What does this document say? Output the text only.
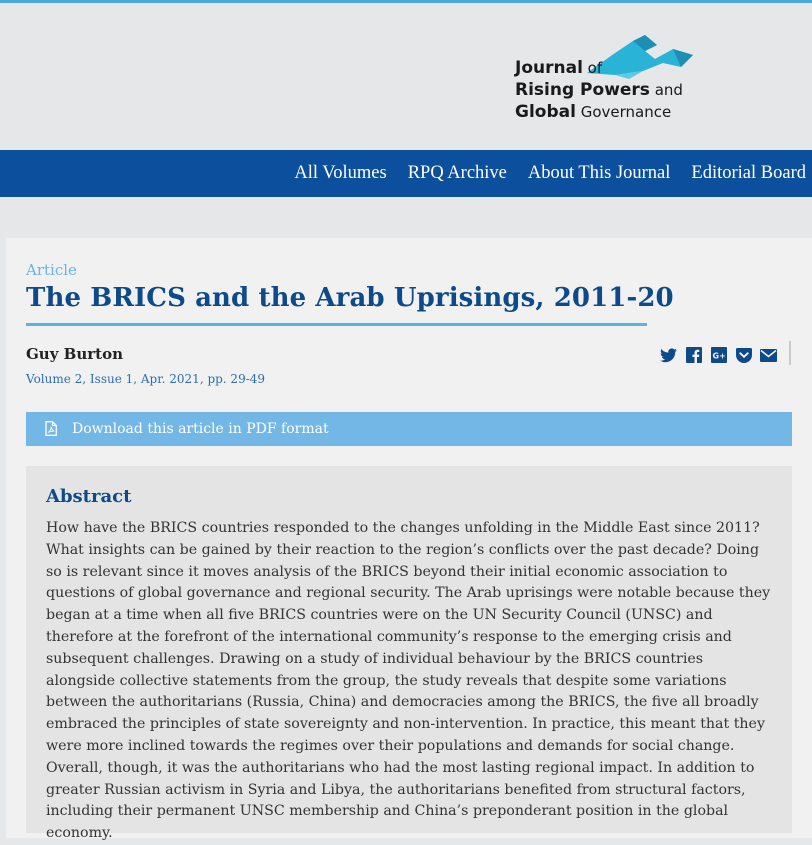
Journal of
Rising Powers and
Global Governance
All Volumes RPQ Archive About This Journal Editorial Board
Article
The BRICS and the Arab Uprisings, 2011-20
Guy Burton
Volume 2, Issue 1, Apr. 2021, pp. 29-49
G+
Download this article in PDF format
Abstract

How have the BRICS countries responded to the changes unfolding in the Middle East since 2011? What insights can be gained by their reaction to the region’s conflicts over the past decade? Doing so is relevant since it moves analysis of the BRICS beyond their initial economic association to questions of global governance and regional security. The Arab uprisings were notable because they began at a time when all five BRICS countries were on the UN Security Council (UNSC) and therefore at the forefront of the international community’s response to the emerging crisis and subsequent challenges. Drawing on a study of individual behaviour by the BRICS countries alongside collective statements from the group, the study reveals that despite some variations between the authoritarians (Russia, China) and democracies among the BRICS, the five all broadly embraced the principles of state sovereignty and non-intervention. In practice, this meant that they were more inclined towards the regimes over their populations and demands for social change. Overall, though, it was the authoritarians who had the most lasting regional impact. In addition to greater Russian activism in Syria and Libya, the authoritarians benefited from structural factors, including their permanent UNSC membership and China’s preponderant position in the global economy.
